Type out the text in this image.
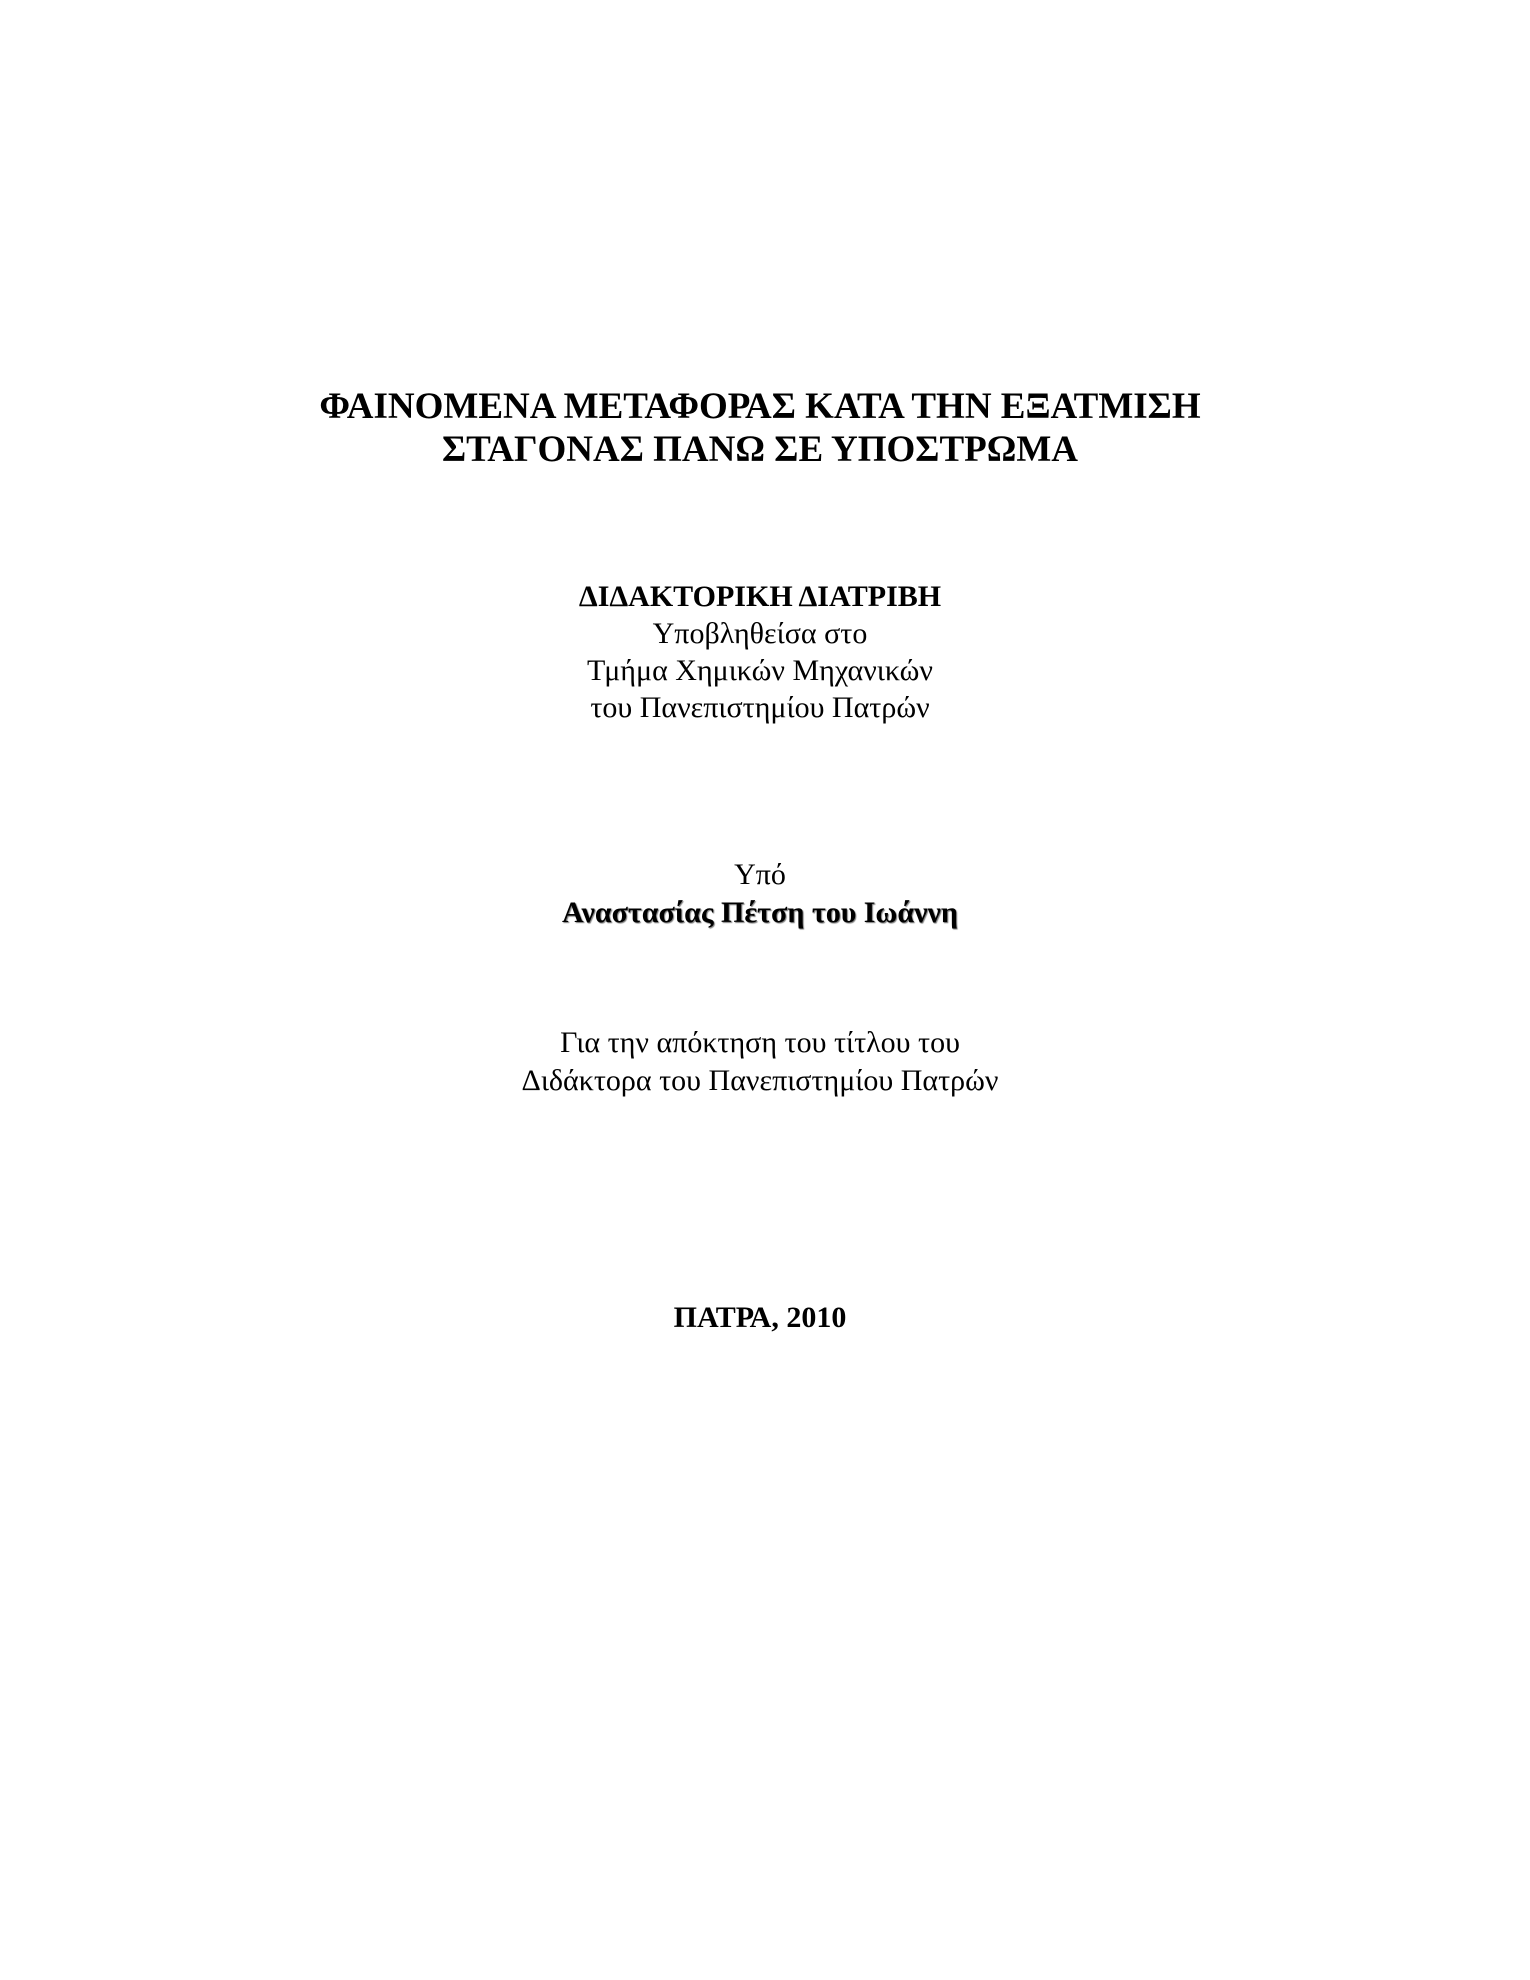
ΦΑΙΝΟΜΕΝΑ ΜΕΤΑΦΟΡΑΣ ΚΑΤΑ ΤΗΝ ΕΞΑΤΜΙΣΗ
ΣΤΑΓΟΝΑΣ ΠΑΝΩ ΣΕ ΥΠΟΣΤΡΩΜΑ
ΔΙΔΑΚΤΟΡΙΚΗ ΔΙΑΤΡΙΒΗ
Υποβληθείσα στο
Τμήμα Χημικών Μηχανικών
του Πανεπιστημίου Πατρών
Υπό
Αναστασίας Πέτση του Ιωάννη
Για την απόκτηση του τίτλου του
Διδάκτορα του Πανεπιστημίου Πατρών
ΠΑΤΡΑ, 2010
